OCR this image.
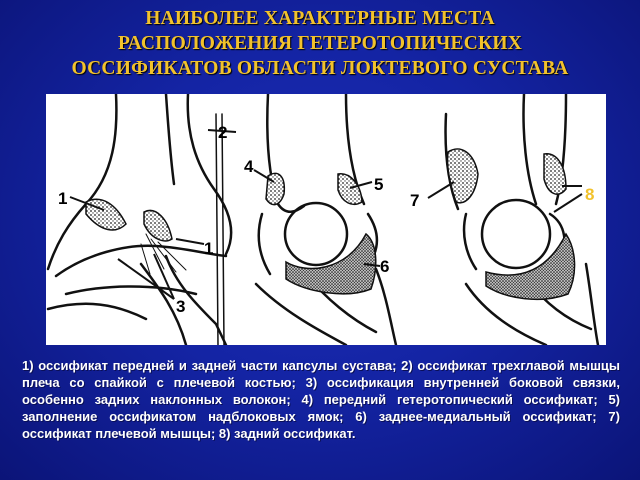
НАИБОЛЕЕ ХАРАКТЕРНЫЕ МЕСТА
РАСПОЛОЖЕНИЯ ГЕТЕРОТОПИЧЕСКИХ
ОССИФИКАТОВ ОБЛАСТИ ЛОКТЕВОГО СУСТАВА
1
2
1
3
4
5
6
7	8
1) оссификат передней и задней части капсулы сустава; 2) оссификат трехглавой мышцы плеча со спайкой с плечевой костью; 3) оссификация внутренней боковой связки, особенно задних наклонных волокон; 4) передний гетеротопический оссификат; 5) заполнение оссификатом надблоковых ямок; 6) заднее-медиальный оссификат; 7) оссификат плечевой мышцы; 8) задний оссификат.
